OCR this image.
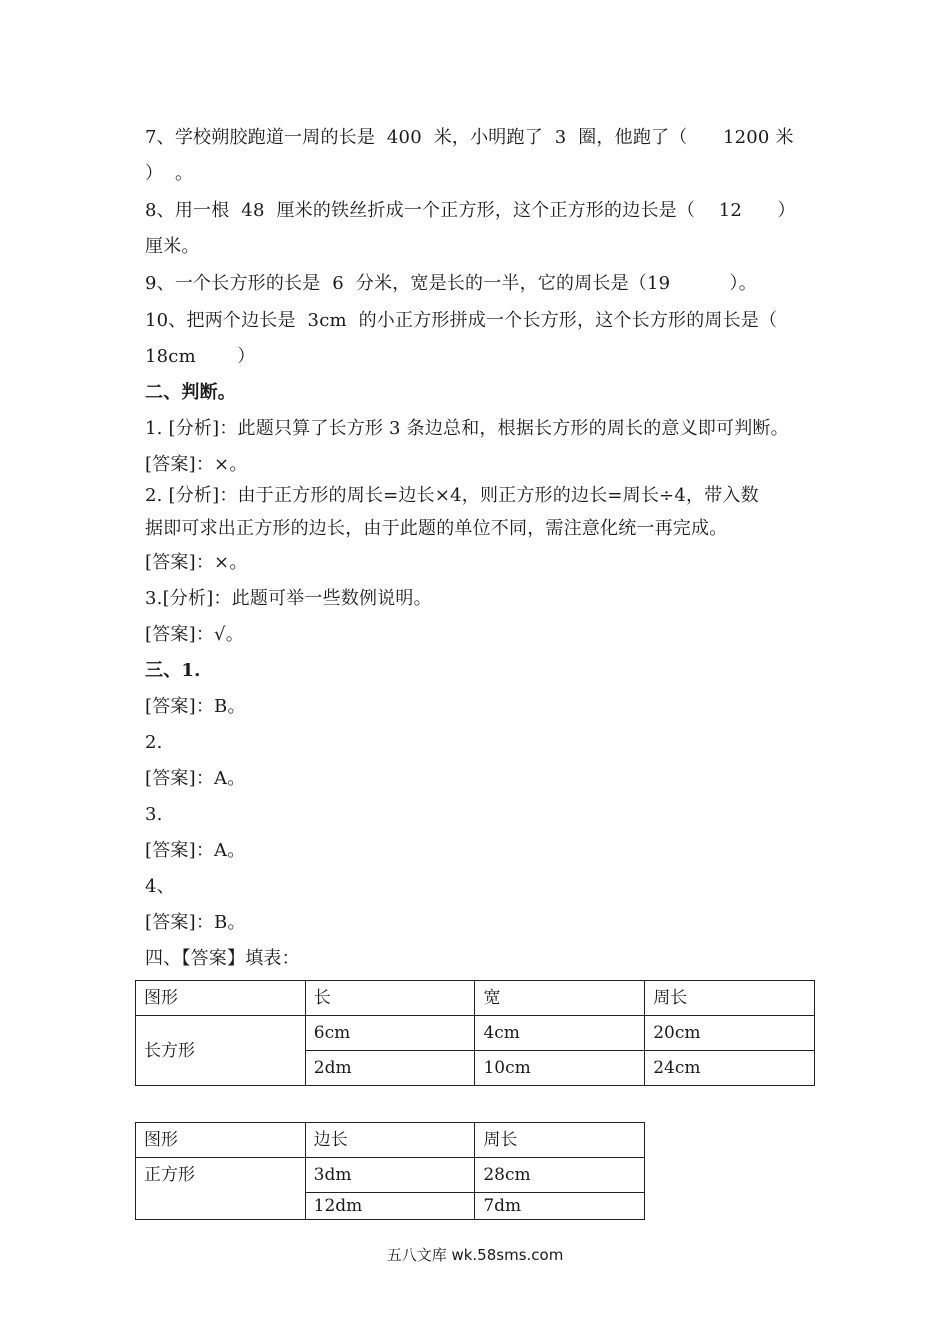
7、学校朔胶跑道一周的长是  400  米，小明跑了  3  圈，他跑了（      1200 米
）  。
8、用一根  48  厘米的铁丝折成一个正方形，这个正方形的边长是（    12      ）
厘米。
9、一个长方形的长是  6  分米，宽是长的一半，它的周长是（19          ）。
10、把两个边长是  3cm  的小正方形拼成一个长方形，这个长方形的周长是（
18cm       ）
二、判断。
1. [分析]：此题只算了长方形 3 条边总和，根据长方形的周长的意义即可判断。
[答案]：×。
2. [分析]：由于正方形的周长=边长×4，则正方形的边长=周长÷4，带入数
据即可求出正方形的边长，由于此题的单位不同，需注意化统一再完成。
[答案]：×。
3.[分析]：此题可举一些数例说明。
[答案]：√。
三、1.
[答案]：B。
2.
[答案]：A。
3.
[答案]：A。
4、
[答案]：B。
四、【答案】填表：
图形	长	宽	周长
长方形	6cm	4cm	20cm
	2dm	10cm	24cm
图形	边长	周长
正方形	3dm	28cm
	12dm	7dm
五八文库 wk.58sms.com
